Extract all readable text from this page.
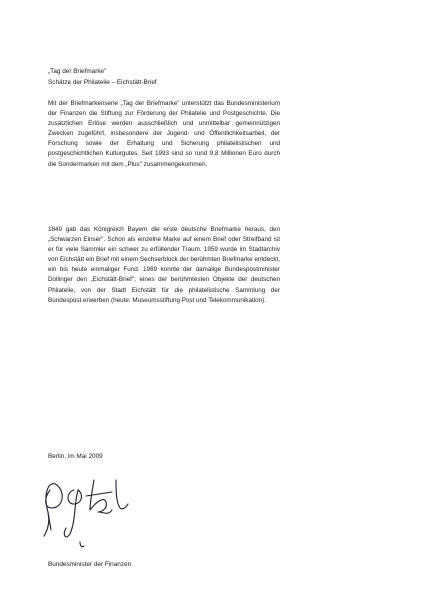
„Tag der Briefmarke"
Schätze der Philatelie – Eichstätt-Brief
Mit der Briefmarkenserie „Tag der Briefmarke" unterstützt das Bundesministerium der Finanzen die Stiftung zur Förderung der Philatelie und Postgeschichte. Die zusätzlichen Erlöse werden ausschließlich und unmittelbar gemeinnützigen Zwecken zugeführt, insbesondere der Jugend- und Öffentlichkeitsarbeit, der Forschung sowie der Erhaltung und Sicherung philatelistischen und postgeschichtlichen Kulturgutes. Seit 1993 sind so rund 9,8 Millionen Euro durch die Sondermarken mit dem „Plus" zusammengekommen.
1849 gab das Königreich Bayern die erste deutsche Briefmarke heraus, den „Schwarzen Einser". Schon als einzelne Marke auf einem Brief oder Streifband ist er für viele Sammler ein schwer zu erfüllender Traum. 1959 wurde im Stadtarchiv von Eichstätt ein Brief mit einem Sechserblock der berühmten Briefmarke entdeckt, ein bis heute einmaliger Fund. 1969 konnte der damalige Bundespostminister Dollinger den „Eichstätt-Brief", eines der berühmtesten Objekte der deutschen Philatelie, von der Stadt Eichstätt für die philatelistische Sammlung der Bundespost erwerben (heute: Museumsstiftung Post und Telekommunikation).
Berlin, im Mai 2009
Bundesminister der Finanzen
